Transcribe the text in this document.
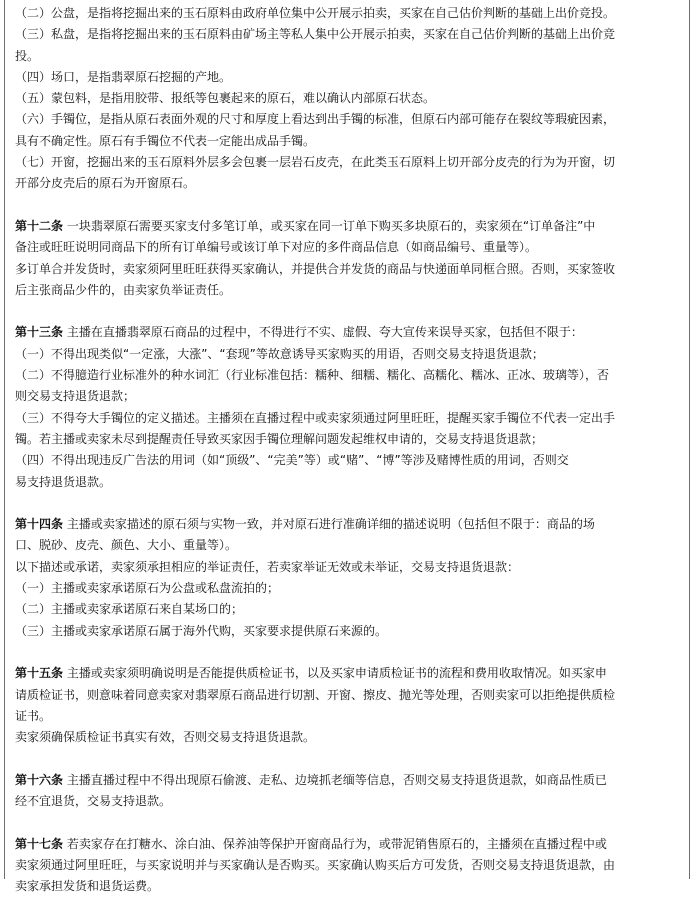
（二）公盘，是指将挖掘出来的玉石原料由政府单位集中公开展示拍卖，买家在自己估价判断的基础上出价竞投。
（三）私盘，是指将挖掘出来的玉石原料由矿场主等私人集中公开展示拍卖，买家在自己估价判断的基础上出价竞
投。
（四）场口，是指翡翠原石挖掘的产地。
（五）蒙包料，是指用胶带、报纸等包裹起来的原石，难以确认内部原石状态。
（六）手镯位，是指从原石表面外观的尺寸和厚度上看达到出手镯的标准，但原石内部可能存在裂纹等瑕疵因素，
具有不确定性。原石有手镯位不代表一定能出成品手镯。
（七）开窗，挖掘出来的玉石原料外层多会包裹一层岩石皮壳，在此类玉石原料上切开部分皮壳的行为为开窗，切
开部分皮壳后的原石为开窗原石。
第十二条 一块翡翠原石需要买家支付多笔订单，或买家在同一订单下购买多块原石的，卖家须在“订单备注”中
备注或旺旺说明同商品下的所有订单编号或该订单下对应的多件商品信息（如商品编号、重量等）。
多订单合并发货时，卖家须阿里旺旺获得买家确认，并提供合并发货的商品与快递面单同框合照。否则，买家签收
后主张商品少件的，由卖家负举证责任。
第十三条 主播在直播翡翠原石商品的过程中，不得进行不实、虚假、夸大宣传来误导买家，包括但不限于：
（一）不得出现类似“一定涨，大涨”、“套现”等故意诱导买家购买的用语，否则交易支持退货退款；
（二）不得臆造行业标准外的种水词汇（行业标准包括：糯种、细糯、糯化、高糯化、糯冰、正冰、玻璃等），否
则交易支持退货退款；
（三）不得夸大手镯位的定义描述。主播须在直播过程中或卖家须通过阿里旺旺，提醒买家手镯位不代表一定出手
镯。若主播或卖家未尽到提醒责任导致买家因手镯位理解问题发起维权申请的，交易支持退货退款；
（四）不得出现违反广告法的用词（如“顶级”、“完美”等）或“赌”、“博”等涉及赌博性质的用词，否则交
易支持退货退款。
第十四条 主播或卖家描述的原石须与实物一致，并对原石进行准确详细的描述说明（包括但不限于：商品的场
口、脱砂、皮壳、颜色、大小、重量等）。
以下描述或承诺，卖家须承担相应的举证责任，若卖家举证无效或未举证，交易支持退货退款：
（一）主播或卖家承诺原石为公盘或私盘流拍的；
（二）主播或卖家承诺原石来自某场口的；
（三）主播或卖家承诺原石属于海外代购，买家要求提供原石来源的。
第十五条 主播或卖家须明确说明是否能提供质检证书，以及买家申请质检证书的流程和费用收取情况。如买家申
请质检证书，则意味着同意卖家对翡翠原石商品进行切割、开窗、擦皮、抛光等处理，否则卖家可以拒绝提供质检
证书。
卖家须确保质检证书真实有效，否则交易支持退货退款。
第十六条 主播直播过程中不得出现原石偷渡、走私、边境抓老缅等信息，否则交易支持退货退款，如商品性质已
经不宜退货，交易支持退款。
第十七条 若卖家存在打糖水、涂白油、保养油等保护开窗商品行为，或带泥销售原石的，主播须在直播过程中或
卖家须通过阿里旺旺，与买家说明并与买家确认是否购买。买家确认购买后方可发货，否则交易支持退货退款，由
卖家承担发货和退货运费。
